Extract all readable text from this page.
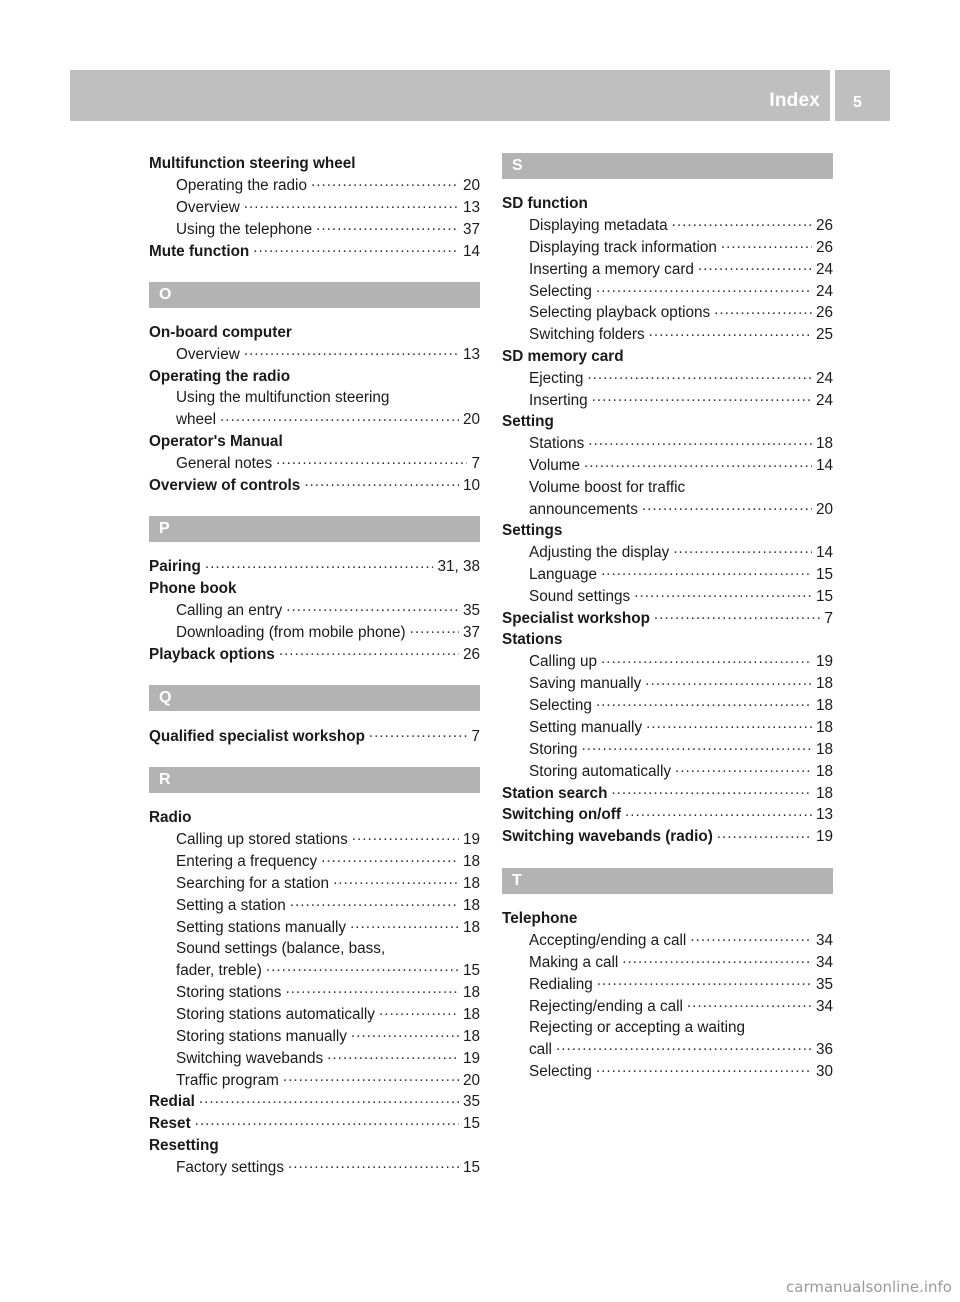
Index 5
Multifunction steering wheel
Operating the radio .....	20
Overview .....	13
Using the telephone .....	37
Mute function .....	14
O
On-board computer
Overview .....	13
Operating the radio
Using the multifunction steering
wheel .....	20
Operator's Manual
General notes .....	7
Overview of controls .....	10
P
Pairing .....	31, 38
Phone book
Calling an entry .....	35
Downloading (from mobile phone) .....	37
Playback options .....	26
Q
Qualified specialist workshop .....	7
R
Radio
Calling up stored stations .....	19
Entering a frequency .....	18
Searching for a station .....	18
Setting a station .....	18
Setting stations manually .....	18
Sound settings (balance, bass,
fader, treble) .....	15
Storing stations .....	18
Storing stations automatically .....	18
Storing stations manually .....	18
Switching wavebands .....	19
Traffic program .....	20
Redial .....	35
Reset .....	15
Resetting
Factory settings .....	15
S
SD function
Displaying metadata .....	26
Displaying track information .....	26
Inserting a memory card .....	24
Selecting .....	24
Selecting playback options .....	26
Switching folders .....	25
SD memory card
Ejecting .....	24
Inserting .....	24
Setting
Stations .....	18
Volume .....	14
Volume boost for traffic
announcements .....	20
Settings
Adjusting the display .....	14
Language .....	15
Sound settings .....	15
Specialist workshop .....	7
Stations
Calling up .....	19
Saving manually .....	18
Selecting .....	18
Setting manually .....	18
Storing .....	18
Storing automatically .....	18
Station search .....	18
Switching on/off .....	13
Switching wavebands (radio) .....	19
T
Telephone
Accepting/ending a call .....	34
Making a call .....	34
Redialing .....	35
Rejecting/ending a call .....	34
Rejecting or accepting a waiting
call .....	36
Selecting .....	30
carmanualsonline.info
